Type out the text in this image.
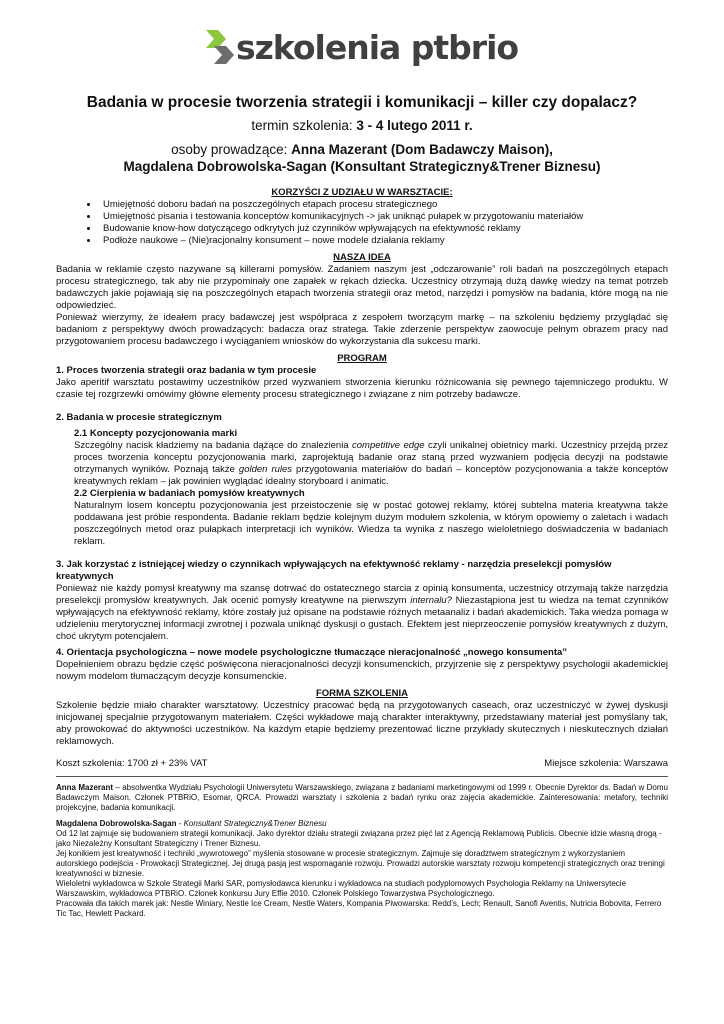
szkolenia ptbrio

Badania w procesie tworzenia strategii i komunikacji – killer czy dopalacz?

termin szkolenia: 3 - 4 lutego 2011 r.

osoby prowadzące: Anna Mazerant (Dom Badawczy Maison),
Magdalena Dobrowolska-Sagan (Konsultant Strategiczny&Trener Biznesu)

KORZYŚCI Z UDZIAŁU W WARSZTACIE:

• Umiejętność doboru badań na poszczególnych etapach procesu strategicznego
• Umiejętność pisania i testowania konceptów komunikacyjnych -> jak uniknąć pułapek w przygotowaniu materiałów
• Budowanie know-how dotyczącego odkrytych już czynników wpływających na efektywność reklamy
• Podłoże naukowe – (Nie)racjonalny konsument – nowe modele działania reklamy

NASZA IDEA

Badania w reklamie często nazywane są killerami pomysłów. Zadaniem naszym jest „odczarowanie” roli badań na poszczególnych etapach procesu strategicznego, tak aby nie przypominały one zapałek w rękach dziecka. Uczestnicy otrzymają dużą dawkę wiedzy na temat potrzeb badawczych jakie pojawiają się na poszczególnych etapach tworzenia strategii oraz metod, narzędzi i pomysłów na badania, które mogą na nie odpowiedzieć.

Ponieważ wierzymy, że ideałem pracy badawczej jest współpraca z zespołem tworzącym markę – na szkoleniu będziemy przyglądać się badaniom z perspektywy dwóch prowadzących: badacza oraz stratega. Takie zderzenie perspektyw zaowocuje pełnym obrazem pracy nad przygotowaniem procesu badawczego i wyciąganiem wniosków do wykorzystania dla sukcesu marki.

PROGRAM

1. Proces tworzenia strategii oraz badania w tym procesie

Jako aperitif warsztatu postawimy uczestników przed wyzwaniem stworzenia kierunku różnicowania się pewnego tajemniczego produktu. W czasie tej rozgrzewki omówimy główne elementy procesu strategicznego i związane z nim potrzeby badawcze.

2. Badania w procesie strategicznym

2.1 Koncepty pozycjonowania marki

Szczególny nacisk kładziemy na badania dążące do znalezienia competitive edge czyli unikalnej obietnicy marki. Uczestnicy przejdą przez proces tworzenia konceptu pozycjonowania marki, zaprojektują badanie oraz staną przed wyzwaniem podjęcia decyzji na podstawie otrzymanych wyników. Poznają także golden rules przygotowania materiałów do badań – konceptów pozycjonowania a także konceptów kreatywnych reklam – jak powinien wyglądać idealny storyboard i animatic.

2.2 Cierpienia w badaniach pomysłów kreatywnych

Naturalnym losem konceptu pozycjonowania jest przeistoczenie się w postać gotowej reklamy, której subtelna materia kreatywna także poddawana jest próbie respondenta. Badanie reklam będzie kolejnym dużym modułem szkolenia, w którym opowiemy o zaletach i wadach poszczególnych metod oraz pułapkach interpretacji ich wyników. Wiedza ta wynika z naszego wieloletniego doświadczenia w badaniach reklam.

3. Jak korzystać z istniejącej wiedzy o czynnikach wpływających na efektywność reklamy - narzędzia preselekcji pomysłów kreatywnych

Ponieważ nie każdy pomysł kreatywny ma szansę dotrwać do ostatecznego starcia z opinią konsumenta, uczestnicy otrzymają także narzędzia preselekcji promysłów kreatywnych. Jak ocenić pomysły kreatywne na pierwszym internalu? Niezastąpiona jest tu wiedza na temat czynników wpływających na efektywność reklamy, które zostały już opisane na podstawie różnych metaanaliz i badań akademickich. Taka wiedza pomaga w udzieleniu merytorycznej informacji zwrotnej i pozwala uniknąć dyskusji o gustach. Efektem jest nieprzeoczenie pomysłów kreatywnych z dużym, choć ukrytym potencjałem.

4. Orientacja psychologiczna – nowe modele psychologiczne tłumaczące nieracjonalność „nowego konsumenta”

Dopełnieniem obrazu będzie część poświęcona nieracjonalności decyzji konsumenckich, przyjrzenie się z perspektywy psychologii akademickiej nowym modelom tłumaczącym decyzje konsumenckie.

FORMA SZKOLENIA

Szkolenie będzie miało charakter warsztatowy. Uczestnicy pracować będą na przygotowanych caseach, oraz uczestniczyć w żywej dyskusji inicjowanej specjalnie przygotowanym materiałem. Części wykładowe mają charakter interaktywny, przedstawiany materiał jest pomyślany tak, aby prowokować do aktywności uczestników. Na każdym etapie będziemy prezentować liczne przykłady skutecznych i nieskutecznych działań reklamowych.

Koszt szkolenia: 1700 zł + 23% VAT	Miejsce szkolenia: Warszawa

Anna Mazerant – absolwentka Wydziału Psychologii Uniwersytetu Warszawskiego, związana z badaniami marketingowymi od 1999 r. Obecnie Dyrektor ds. Badań w Domu Badawczym Maison. Członek PTBRiO, Esomar, QRCA. Prowadzi warsztaty i szkolenia z badań rynku oraz zajęcia akademickie. Zainteresowania: metafory, techniki projekcyjne, badania komunikacji.

Magdalena Dobrowolska-Sagan - Konsultant Strategiczny&Trener Biznesu

Od 12 lat zajmuje się budowaniem strategii komunikacji. Jako dyrektor działu strategii związana przez pięć lat z Agencją Reklamową Publicis. Obecnie idzie własną drogą - jako Niezależny Konsultant Strategiczny i Trener Biznesu.

Jej konikiem jest kreatywność i techniki „wywrotowego” myślenia stosowane w procesie strategicznym. Zajmuje się doradztwem strategicznym z wykorzystaniem autorskiego podejścia - Prowokacji Strategicznej. Jej drugą pasją jest wspomaganie rozwoju. Prowadzi autorskie warsztaty rozwoju kompetencji strategicznych oraz treningi kreatywności w biznesie.

Wieloletni wykładowca w Szkole Strategii Marki SAR, pomysłodawca kierunku i wykładowca na studiach podyplomowych Psychologia Reklamy na Uniwersytecie Warszawskim, wykładowca PTBRiO. Członek konkursu Jury Effie 2010. Członek Polskiego Towarzystwa Psychologicznego.

Pracowała dla takich marek jak: Nestle Winiary, Nestle Ice Cream, Nestle Waters, Kompania Piwowarska: Redd’s, Lech; Renault, Sanofi Aventis, Nutricia Bobovita, Ferrero Tic Tac, Hewlett Packard.
